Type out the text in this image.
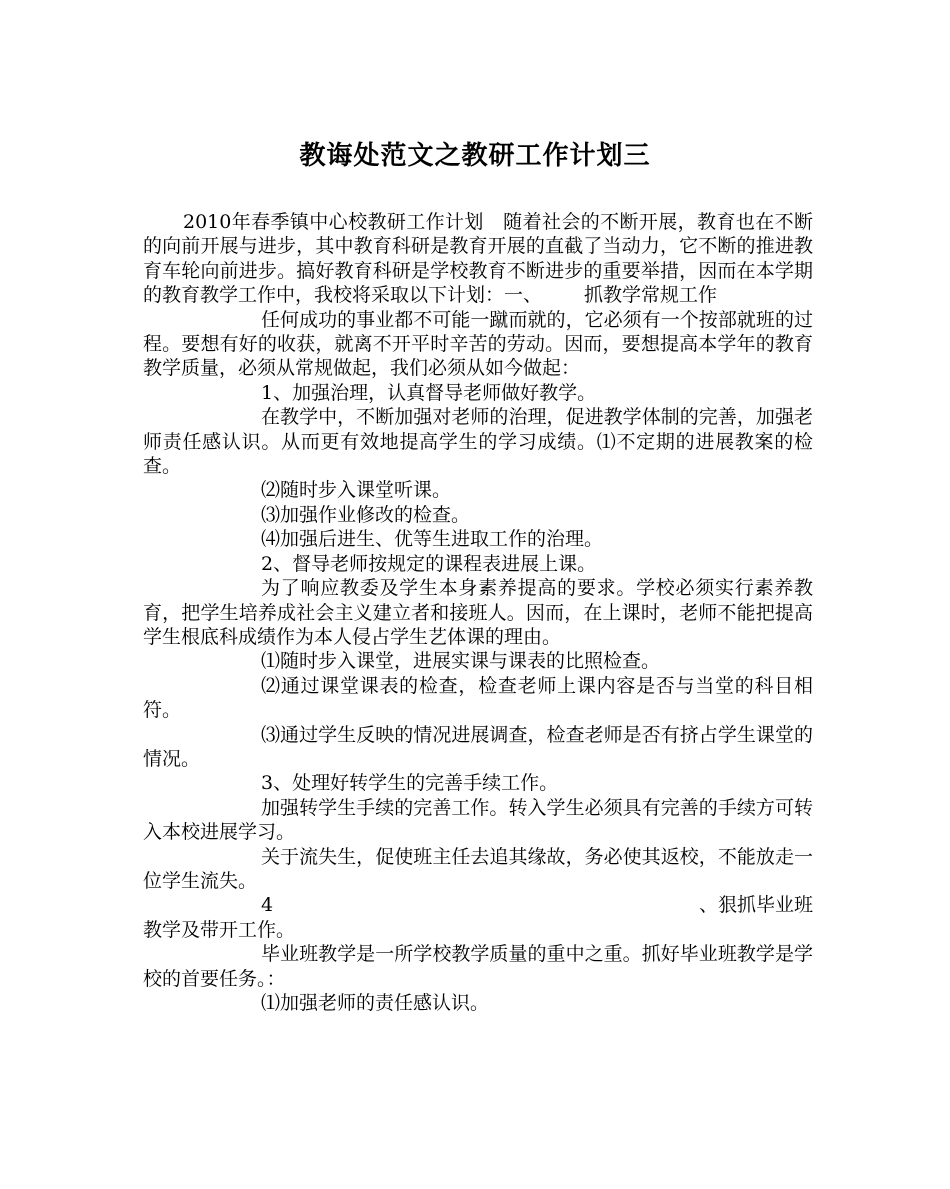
教诲处范文之教研工作计划三

2010年春季镇中心校教研工作计划　随着社会的不断开展，教育也在不断的向前开展与进步，其中教育科研是教育开展的直截了当动力，它不断的推进教育车轮向前进步。搞好教育科研是学校教育不断进步的重要举措，因而在本学期的教育教学工作中，我校将采取以下计划：一、 抓教学常规工作

任何成功的事业都不可能一蹴而就的，它必须有一个按部就班的过程。要想有好的收获，就离不开平时辛苦的劳动。因而，要想提高本学年的教育教学质量，必须从常规做起，我们必须从如今做起：

1、加强治理，认真督导老师做好教学。

在教学中，不断加强对老师的治理，促进教学体制的完善，加强老师责任感认识。从而更有效地提高学生的学习成绩。⑴不定期的进展教案的检查。

⑵随时步入课堂听课。

⑶加强作业修改的检查。

⑷加强后进生、优等生进取工作的治理。

2、督导老师按规定的课程表进展上课。

为了响应教委及学生本身素养提高的要求。学校必须实行素养教育，把学生培养成社会主义建立者和接班人。因而，在上课时，老师不能把提高学生根底科成绩作为本人侵占学生艺体课的理由。

⑴随时步入课堂，进展实课与课表的比照检查。

⑵通过课堂课表的检查，检查老师上课内容是否与当堂的科目相符。

⑶通过学生反映的情况进展调查，检查老师是否有挤占学生课堂的情况。

3、处理好转学生的完善手续工作。

加强转学生手续的完善工作。转入学生必须具有完善的手续方可转入本校进展学习。

关于流失生，促使班主任去追其缘故，务必使其返校，不能放走一位学生流失。

4	、狠抓毕业班

教学及带开工作。

毕业班教学是一所学校教学质量的重中之重。抓好毕业班教学是学校的首要任务。：

⑴加强老师的责任感认识。
